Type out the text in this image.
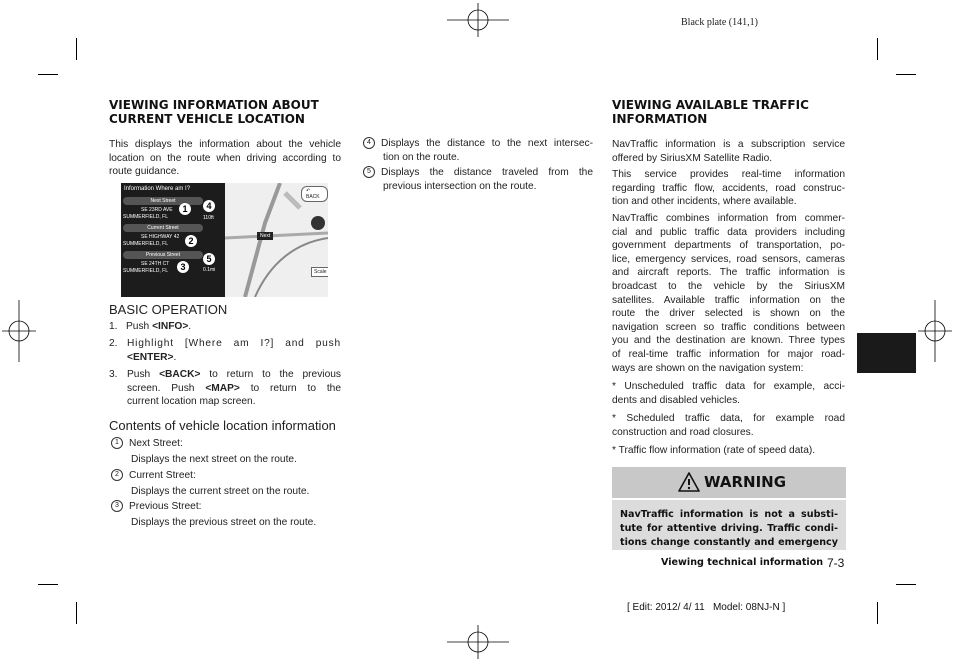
Black plate (141,1)
VIEWING INFORMATION ABOUT
CURRENT VEHICLE LOCATION
This displays the information about the vehicle
location on the route when driving according to
route guidance.
Next
↶ BACK
Scale
Information Where am I?
Next Street
SE 23RD AVE
SUMMERFIELD, FL	110ft
Current Street
SE HIGHWAY 42
SUMMERFIELD, FL
Previous Street
SE 24TH CT
SUMMERFIELD, FL	0.1mi
1	4
2
5
3
BASIC OPERATION
1. Push <INFO>.
2. Highlight [Where am I?] and push
<ENTER>.
3. Push <BACK> to return to the previous
screen. Push <MAP> to return to the
current location map screen.
Contents of vehicle location information
1 Next Street:
Displays the next street on the route.
2 Current Street:
Displays the current street on the route.
3 Previous Street:
Displays the previous street on the route.
4 Displays the distance to the next intersec-
tion on the route.
5 Displays the distance traveled from the
previous intersection on the route.
VIEWING AVAILABLE TRAFFIC
INFORMATION
NavTraffic information is a subscription service
offered by SiriusXM Satellite Radio.
This service provides real-time information
regarding traffic flow, accidents, road construc-
tion and other incidents, where available.
NavTraffic combines information from commer-
cial and public traffic data providers including
government departments of transportation, po-
lice, emergency services, road sensors, cameras
and aircraft reports. The traffic information is
broadcast to the vehicle by the SiriusXM
satellites. Available traffic information on the
route the driver selected is shown on the
navigation screen so traffic conditions between
you and the destination are known. Three types
of real-time traffic information for major road-
ways are shown on the navigation system:
* Unscheduled traffic data for example, acci-
dents and disabled vehicles.
* Scheduled traffic data, for example road
construction and road closures.
* Traffic flow information (rate of speed data).
WARNING
NavTraffic information is not a substi-
tute for attentive driving. Traffic condi-
tions change constantly and emergency
Viewing technical information 7-3
[ Edit: 2012/ 4/ 11   Model: 08NJ-N ]
